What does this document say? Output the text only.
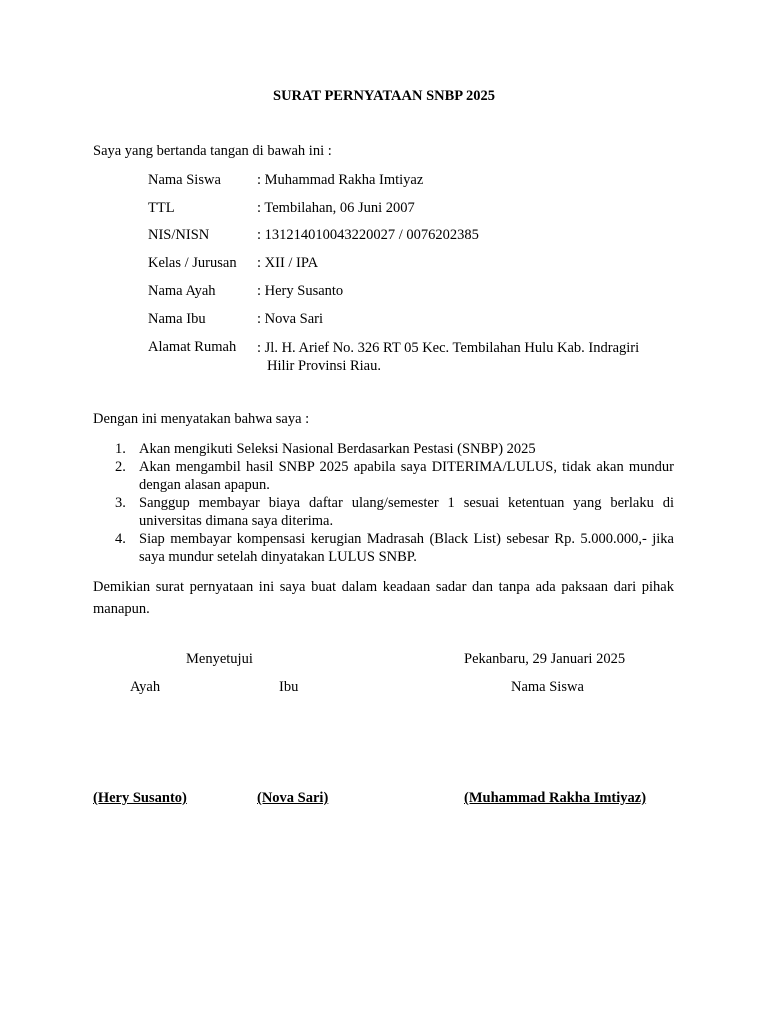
SURAT PERNYATAAN SNBP 2025
Saya yang bertanda tangan di bawah ini :
Nama Siswa : Muhammad Rakha Imtiyaz
TTL	: Tembilahan, 06 Juni 2007
NIS/NISN	: 131214010043220027 / 0076202385
Kelas / Jurusan : XII / IPA
Nama Ayah	: Hery Susanto
Nama Ibu	: Nova Sari
Alamat Rumah : Jl. H. Arief No. 326 RT 05 Kec. Tembilahan Hulu Kab. Indragiri
Hilir Provinsi Riau.
Dengan ini menyatakan bahwa saya :
1. Akan mengikuti Seleksi Nasional Berdasarkan Pestasi (SNBP) 2025
2. Akan mengambil hasil SNBP 2025 apabila saya DITERIMA/LULUS, tidak akan mundur dengan alasan apapun.
3. Sanggup membayar biaya daftar ulang/semester 1 sesuai ketentuan yang berlaku di universitas dimana saya diterima.
4. Siap membayar kompensasi kerugian Madrasah (Black List) sebesar Rp. 5.000.000,- jika saya mundur setelah dinyatakan LULUS SNBP.
Demikian surat pernyataan ini saya buat dalam keadaan sadar dan tanpa ada paksaan dari pihak manapun.
Menyetujui	Pekanbaru, 29 Januari 2025
Ayah	Ibu	Nama Siswa
(Hery Susanto)	(Nova Sari)	(Muhammad Rakha Imtiyaz)
